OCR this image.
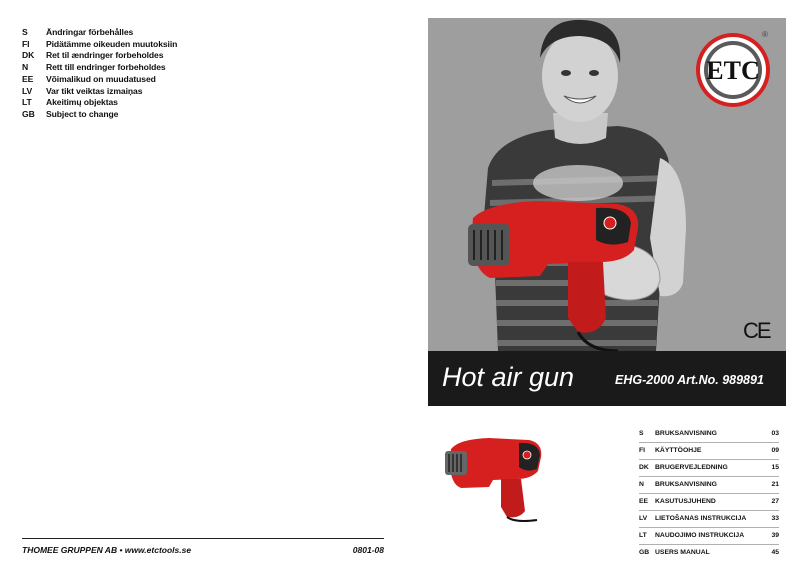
S	Ändringar förbehålles
FI	Pidätämme oikeuden muutoksiin
DK	Ret til ændringer forbeholdes
N	Rett till endringer forbeholdes
EE	Võimalikud on muudatused
LV	Var tikt veiktas izmaiņas
LT	Akeitimų objektas
GB	Subject to change
THOMEE GRUPPEN AB • www.etctools.se	0801-08
ETC
®
CE
Hot air gun	EHG-2000 Art.No. 989891
S BRUKSANVISNING	03
FI KÄYTTÖOHJE	09
DK BRUGERVEJLEDNING	15
N BRUKSANVISNING	21
EE KASUTUSJUHEND	27
LV LIETOŠANAS INSTRUKCIJA	33
LT NAUDOJIMO INSTRUKCIJA	39
GB USERS MANUAL	45
